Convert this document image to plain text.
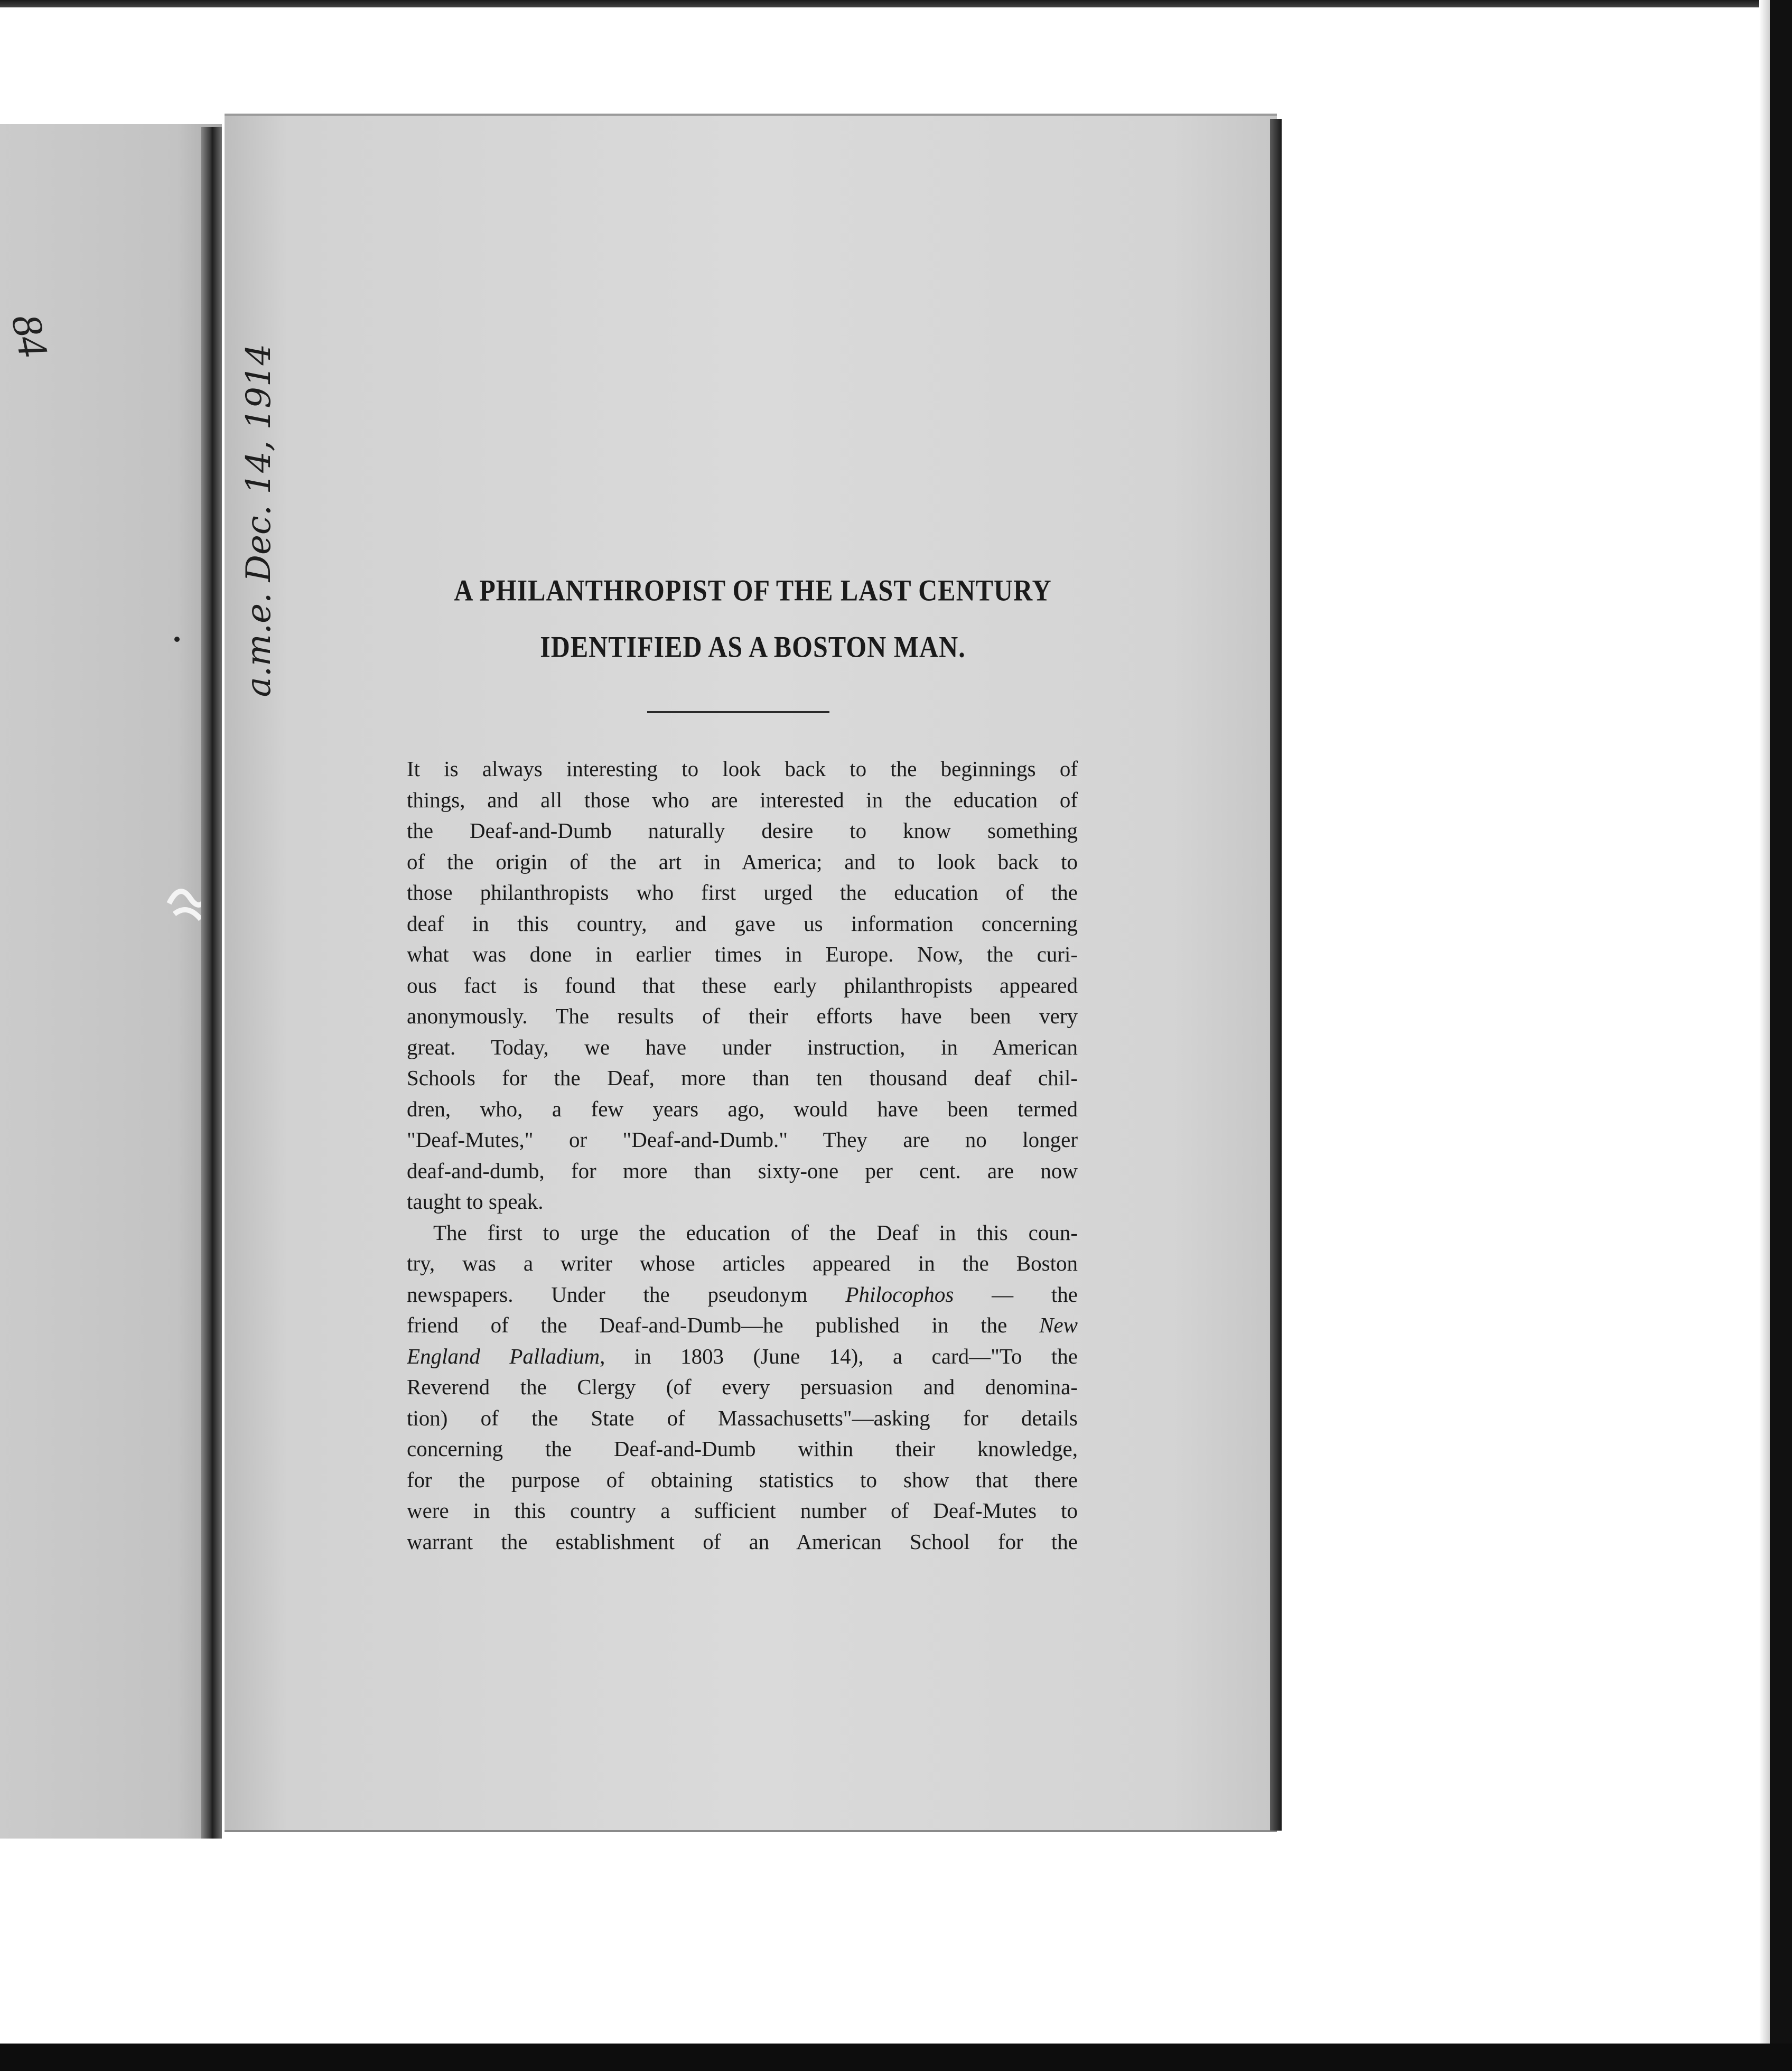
84
a.m.e. Dec. 14, 1914	A PHILANTHROPIST OF THE LAST CENTURY
IDENTIFIED AS A BOSTON MAN.
It is always interesting to look back to the beginnings of
things, and all those who are interested in the education of
the Deaf-and-Dumb naturally desire to know something
of the origin of the art in America; and to look back to
those philanthropists who first urged the education of the
deaf in this country, and gave us information concerning
what was done in earlier times in Europe. Now, the curi-
ous fact is found that these early philanthropists appeared
anonymously. The results of their efforts have been very
great. Today, we have under instruction, in American
Schools for the Deaf, more than ten thousand deaf chil-
dren, who, a few years ago, would have been termed
"Deaf-Mutes," or "Deaf-and-Dumb." They are no longer
deaf-and-dumb, for more than sixty-one per cent. are now
taught to speak.
The first to urge the education of the Deaf in this coun-
try, was a writer whose articles appeared in the Boston
newspapers. Under the pseudonym Philocophos — the
friend of the Deaf-and-Dumb—he published in the New
England Palladium, in 1803 (June 14), a card—"To the
Reverend the Clergy (of every persuasion and denomina-
tion) of the State of Massachusetts"—asking for details
concerning the Deaf-and-Dumb within their knowledge,
for the purpose of obtaining statistics to show that there
were in this country a sufficient number of Deaf-Mutes to
warrant the establishment of an American School for the
